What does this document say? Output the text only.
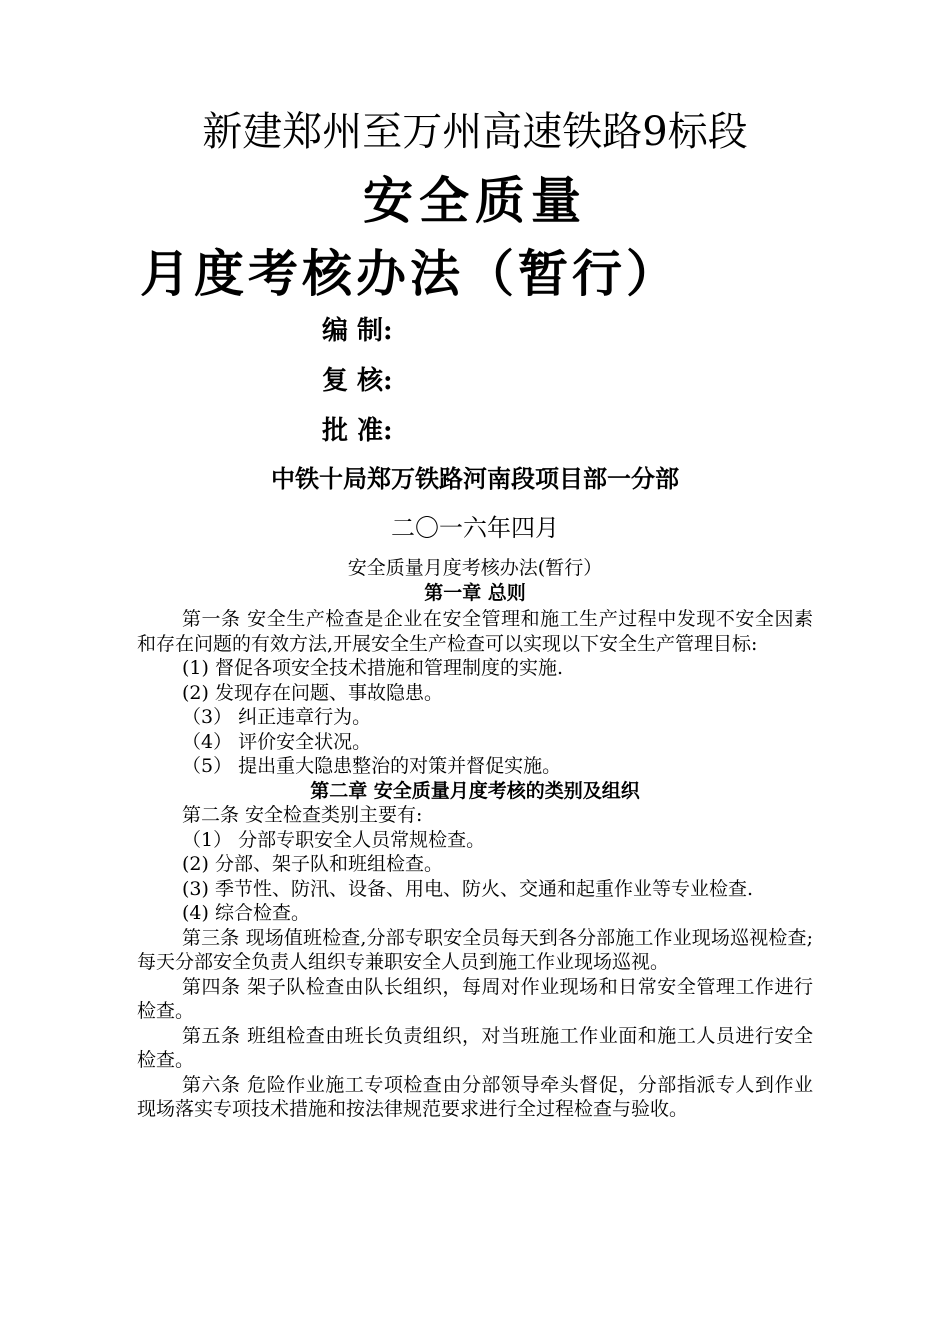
新建郑州至万州高速铁路9标段
安全质量
月度考核办法（暂行）
编 制:
复 核:
批 准:
中铁十局郑万铁路河南段项目部一分部
二〇一六年四月

安全质量月度考核办法(暂行）

第一章 总则

第一条 安全生产检查是企业在安全管理和施工生产过程中发现不安全因素和存在问题的有效方法,开展安全生产检查可以实现以下安全生产管理目标:

(1) 督促各项安全技术措施和管理制度的实施.

(2) 发现存在问题、事故隐患。

（3） 纠正违章行为。

（4） 评价安全状况。

（5） 提出重大隐患整治的对策并督促实施。

第二章 安全质量月度考核的类别及组织

第二条 安全检查类别主要有:

（1） 分部专职安全人员常规检查。

(2) 分部、架子队和班组检查。

(3) 季节性、防汛、设备、用电、防火、交通和起重作业等专业检查.

(4) 综合检查。

第三条 现场值班检查,分部专职安全员每天到各分部施工作业现场巡视检查; 每天分部安全负责人组织专兼职安全人员到施工作业现场巡视。

第四条 架子队检查由队长组织，每周对作业现场和日常安全管理工作进行检查。

第五条 班组检查由班长负责组织，对当班施工作业面和施工人员进行安全检查。

第六条 危险作业施工专项检查由分部领导牵头督促，分部指派专人到作业现场落实专项技术措施和按法律规范要求进行全过程检查与验收。
